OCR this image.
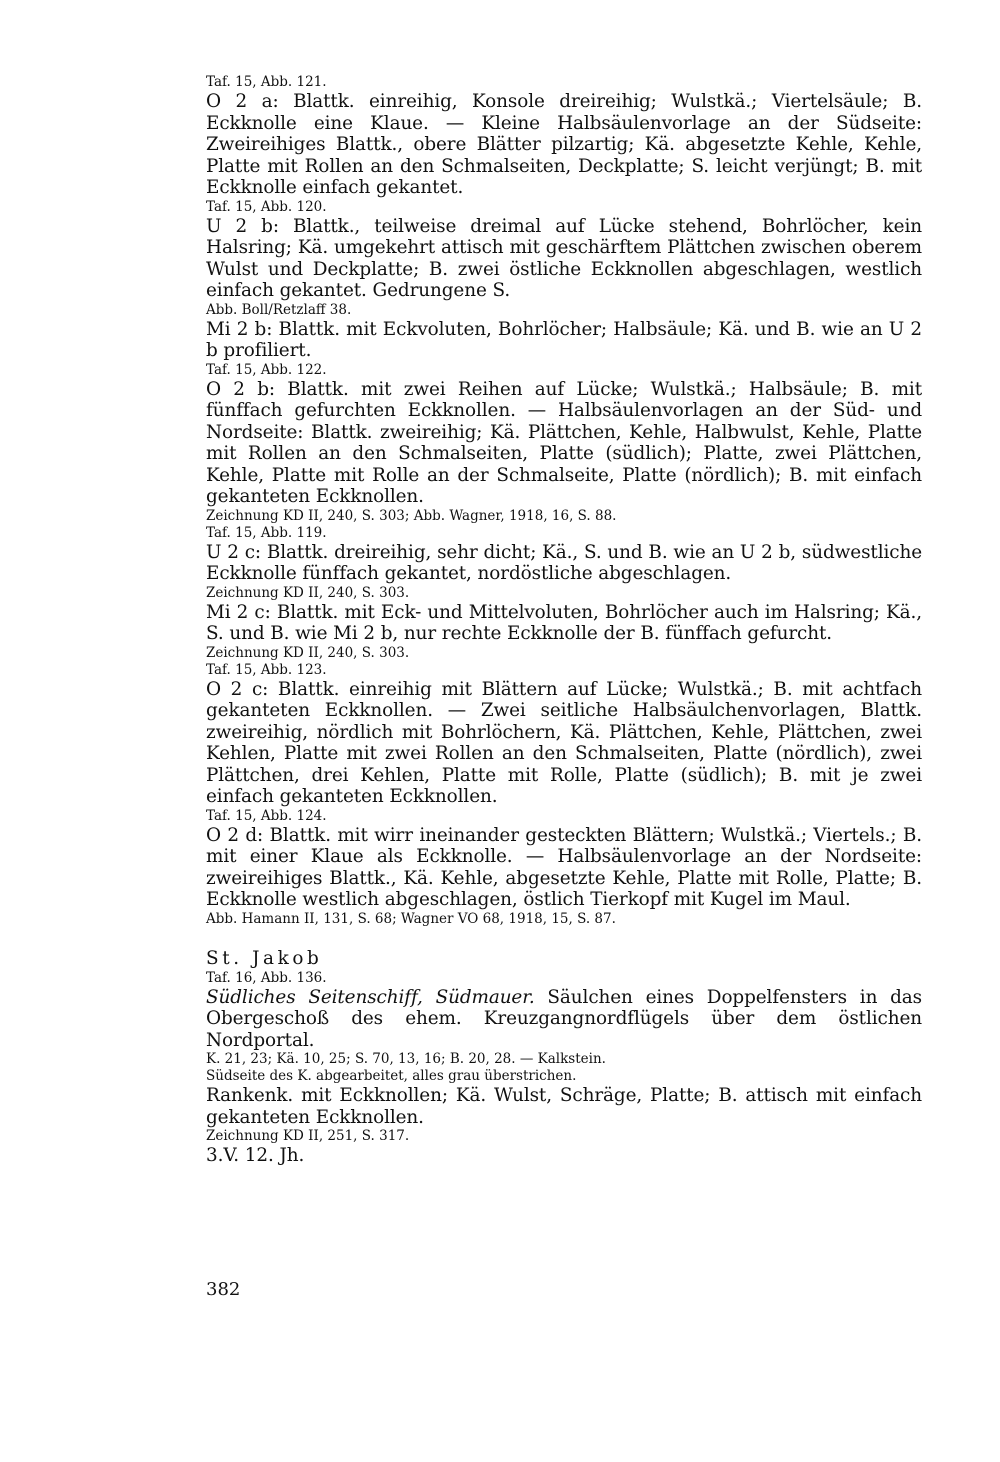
Taf. 15, Abb. 121.

O 2 a: Blattk. einreihig, Konsole dreireihig; Wulstkä.; Viertelsäule; B. Eckknolle eine Klaue. — Kleine Halbsäulenvorlage an der Südseite: Zweireihiges Blattk., obere Blätter pilzartig; Kä. abgesetzte Kehle, Kehle, Platte mit Rollen an den Schmalseiten, Deckplatte; S. leicht verjüngt; B. mit Eckknolle einfach gekantet.

Taf. 15, Abb. 120.

U 2 b: Blattk., teilweise dreimal auf Lücke stehend, Bohrlöcher, kein Halsring; Kä. umgekehrt attisch mit geschärftem Plättchen zwischen oberem Wulst und Deckplatte; B. zwei östliche Eckknollen abgeschlagen, westlich einfach gekantet. Gedrungene S.

Abb. Boll/Retzlaff 38.

Mi 2 b: Blattk. mit Eckvoluten, Bohrlöcher; Halbsäule; Kä. und B. wie an U 2 b profiliert.

Taf. 15, Abb. 122.

O 2 b: Blattk. mit zwei Reihen auf Lücke; Wulstkä.; Halbsäule; B. mit fünffach gefurchten Eckknollen. — Halbsäulenvorlagen an der Süd- und Nordseite: Blattk. zweireihig; Kä. Plättchen, Kehle, Halbwulst, Kehle, Platte mit Rollen an den Schmalseiten, Platte (südlich); Platte, zwei Plättchen, Kehle, Platte mit Rolle an der Schmalseite, Platte (nördlich); B. mit einfach gekanteten Eckknollen.

Zeichnung KD II, 240, S. 303; Abb. Wagner, 1918, 16, S. 88.

Taf. 15, Abb. 119.

U 2 c: Blattk. dreireihig, sehr dicht; Kä., S. und B. wie an U 2 b, südwestliche Eckknolle fünffach gekantet, nordöstliche abgeschlagen.

Zeichnung KD II, 240, S. 303.

Mi 2 c: Blattk. mit Eck- und Mittelvoluten, Bohrlöcher auch im Halsring; Kä., S. und B. wie Mi 2 b, nur rechte Eckknolle der B. fünffach gefurcht.

Zeichnung KD II, 240, S. 303.

Taf. 15, Abb. 123.

O 2 c: Blattk. einreihig mit Blättern auf Lücke; Wulstkä.; B. mit achtfach gekanteten Eckknollen. — Zwei seitliche Halbsäulchenvorlagen, Blattk. zweireihig, nördlich mit Bohrlöchern, Kä. Plättchen, Kehle, Plättchen, zwei Kehlen, Platte mit zwei Rollen an den Schmalseiten, Platte (nördlich), zwei Plättchen, drei Kehlen, Platte mit Rolle, Platte (südlich); B. mit je zwei einfach gekanteten Eckknollen.

Taf. 15, Abb. 124.

O 2 d: Blattk. mit wirr ineinander gesteckten Blättern; Wulstkä.; Viertels.; B. mit einer Klaue als Eckknolle. — Halbsäulenvorlage an der Nordseite: zweireihiges Blattk., Kä. Kehle, abgesetzte Kehle, Platte mit Rolle, Platte; B. Eckknolle westlich abgeschlagen, östlich Tierkopf mit Kugel im Maul.

Abb. Hamann II, 131, S. 68; Wagner VO 68, 1918, 15, S. 87.

St. Jakob

Taf. 16, Abb. 136.

Südliches Seitenschiff, Südmauer. Säulchen eines Doppelfensters in das Obergeschoß des ehem. Kreuzgangnordflügels über dem östlichen Nordportal.

K. 21, 23; Kä. 10, 25; S. 70, 13, 16; B. 20, 28. — Kalkstein.

Südseite des K. abgearbeitet, alles grau überstrichen.

Rankenk. mit Eckknollen; Kä. Wulst, Schräge, Platte; B. attisch mit einfach gekanteten Eckknollen.

Zeichnung KD II, 251, S. 317.

3.V. 12. Jh.

382
